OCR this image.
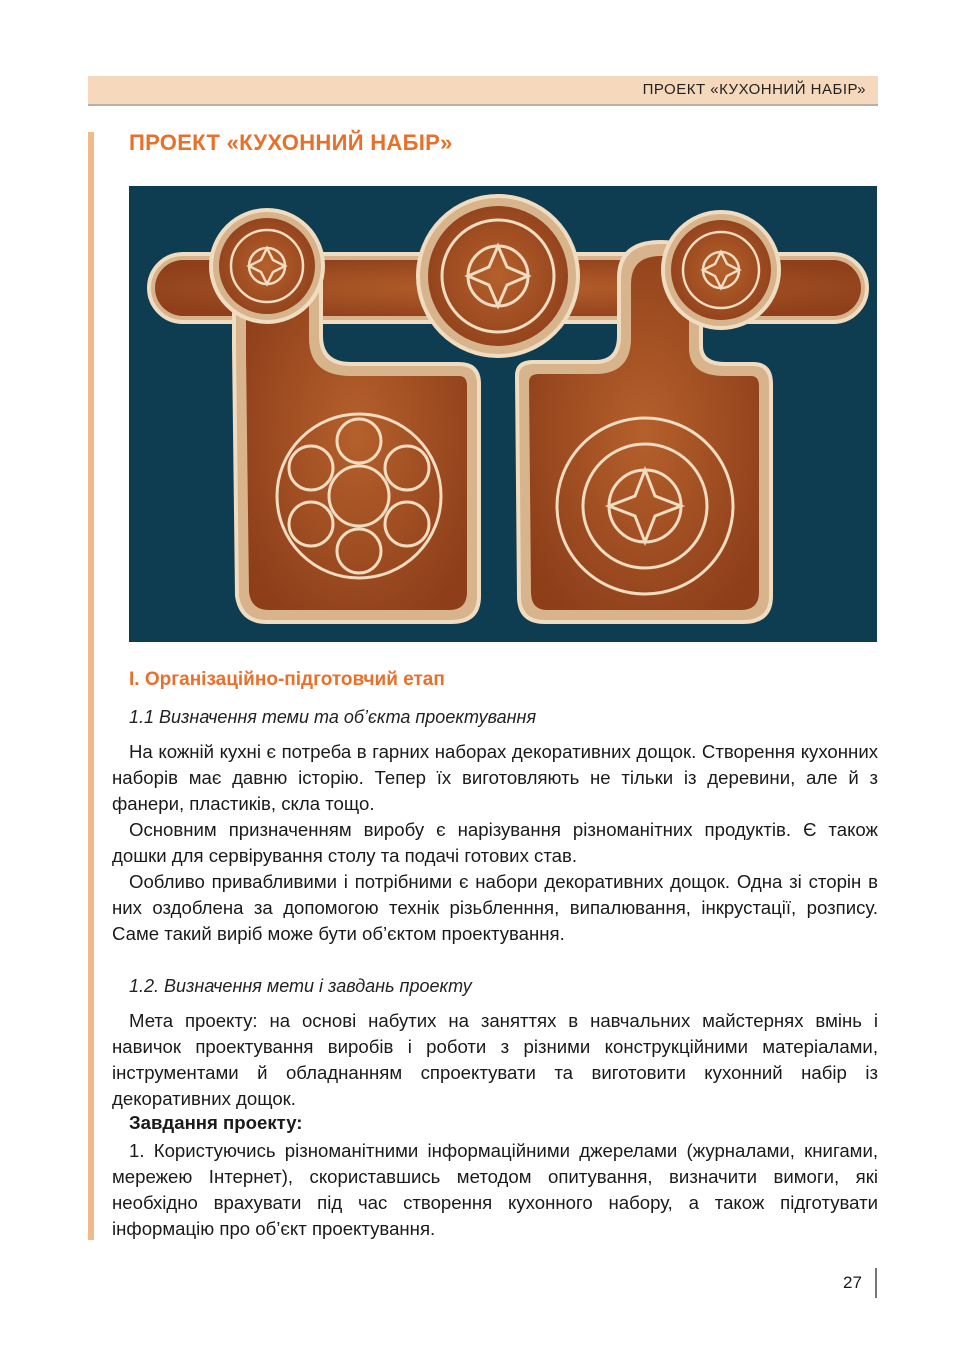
ПРОЕКТ «КУХОННИЙ НАБІР»
ПРОЕКТ «КУХОННИЙ НАБІР»
І. Організаційно-підготовчий етап
1.1 Визначення теми та об’єкта проектування

На кожній кухні є потреба в гарних наборах декоративних дощок. Створення кухонних наборів має давню історію. Тепер їх виготовляють не тільки із деревини, але й з фанери, пластиків, скла тощо.

Основним призначенням виробу є нарізування різноманітних продуктів. Є також дошки для сервірування столу та подачі готових став.

Ообливо привабливими і потрібними є набори декоративних дощок. Одна зі сторін в них оздоблена за допомогою технік різьбленння, випалювання, інкрустації, розпису. Саме такий виріб може бути об’єктом проектування.

1.2. Визначення мети і завдань проекту

Мета проекту: на основі набутих на заняттях в навчальних майстернях вмінь і навичок проектування виробів і роботи з різними конструкційними матеріалами, інструментами й обладнанням спроектувати та виготовити кухонний набір із декоративних дощок.

Завдання проекту:

1. Користуючись різноманітними інформаційними джерелами (журналами, книгами, мережею Інтернет), скориставшись методом опитування, визначити вимоги, які необхідно врахувати під час створення кухонного набору, а також підготувати інформацію про об’єкт проектування.

27
